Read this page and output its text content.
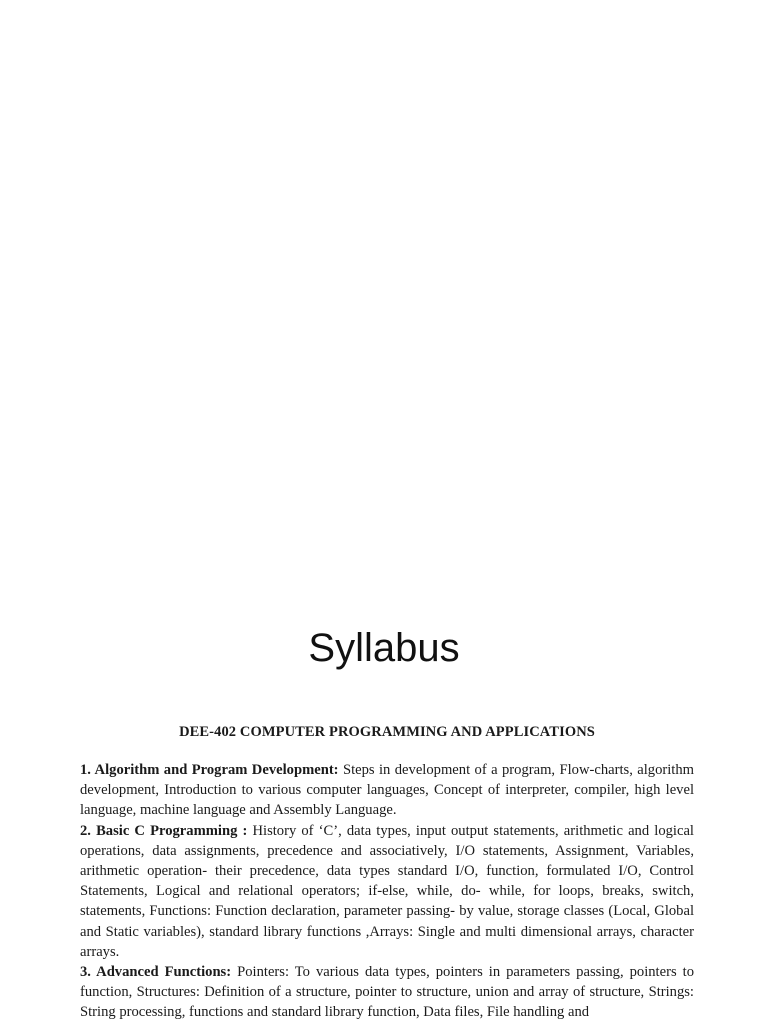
Syllabus
DEE-402 COMPUTER PROGRAMMING AND APPLICATIONS

1. Algorithm and Program Development: Steps in development of a program, Flow-charts, algorithm development, Introduction to various computer languages, Concept of interpreter, compiler, high level language, machine language and Assembly Language.

2. Basic C Programming : History of ‘C’, data types, input output statements, arithmetic and logical operations, data assignments, precedence and associatively, I/O statements, Assignment, Variables, arithmetic operation- their precedence, data types standard I/O, function, formulated I/O, Control Statements, Logical and relational operators; if-else, while, do- while, for loops, breaks, switch, statements, Functions: Function declaration, parameter passing- by value, storage classes (Local, Global and Static variables), standard library functions ,Arrays: Single and multi dimensional arrays, character arrays.

3. Advanced Functions: Pointers: To various data types, pointers in parameters passing, pointers to function, Structures: Definition of a structure, pointer to structure, union and array of structure, Strings: String processing, functions and standard library function, Data files, File handling and
